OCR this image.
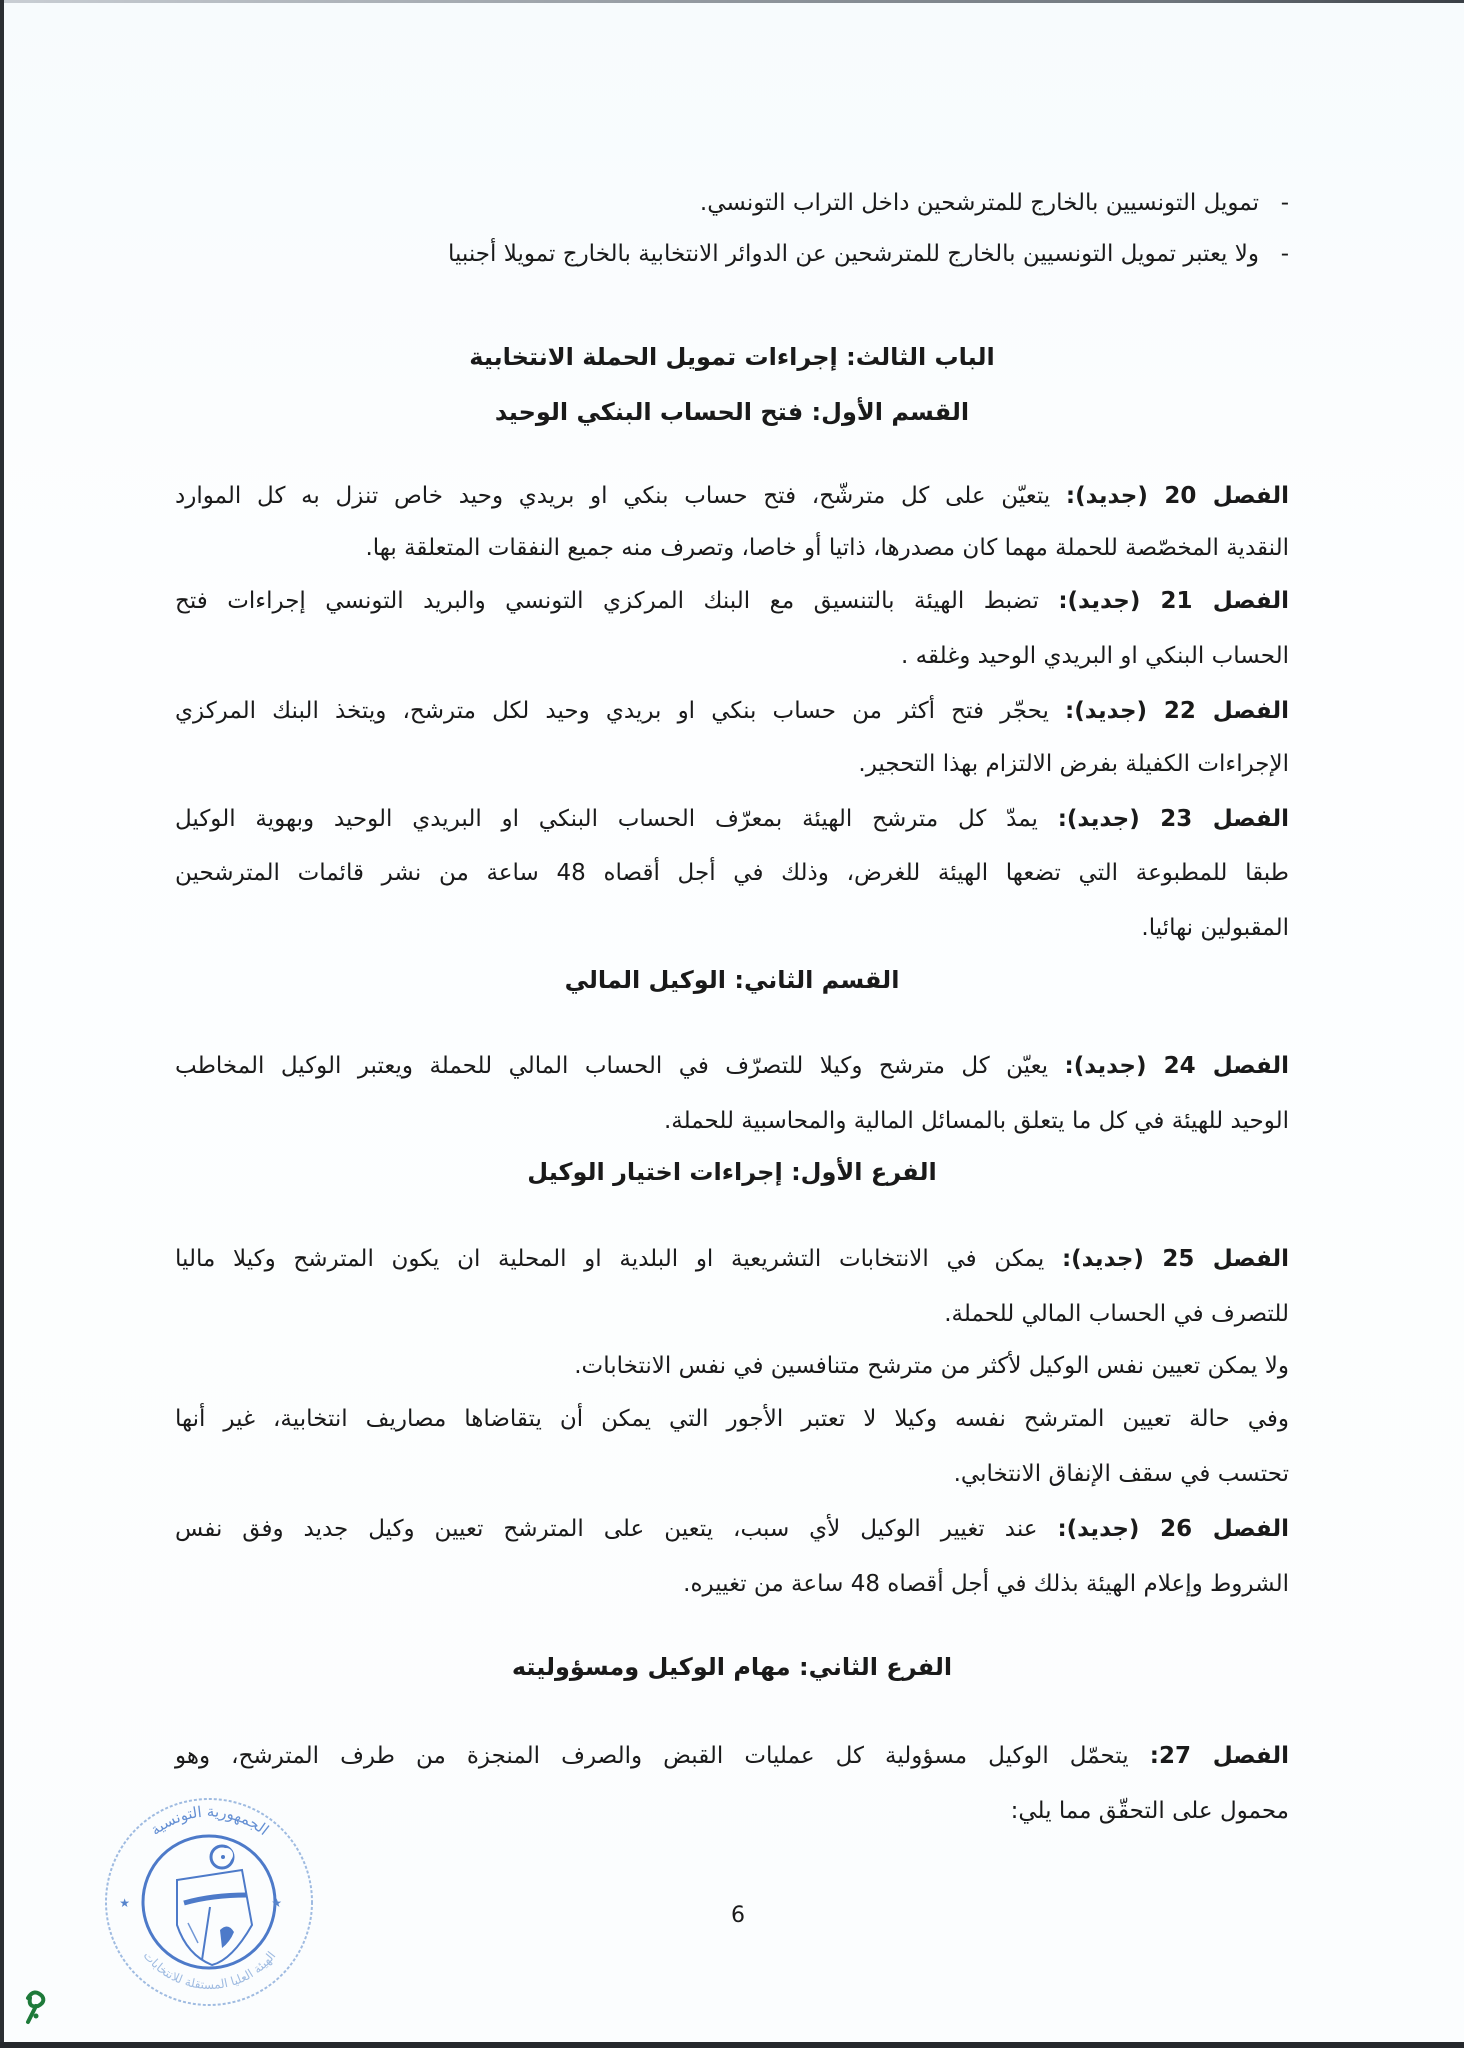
-
تمويل التونسيين بالخارج للمترشحين داخل التراب التونسي.
-
ولا يعتبر تمويل التونسيين بالخارج للمترشحين عن الدوائر الانتخابية بالخارج تمويلا أجنبيا
الباب الثالث: إجراءات تمويل الحملة الانتخابية
القسم الأول: فتح الحساب البنكي الوحيد
الفصل 20 (جديد): يتعيّن على كل مترشّح، فتح حساب بنكي او بريدي وحيد خاص تنزل به كل الموارد
النقدية المخصّصة للحملة مهما كان مصدرها، ذاتيا أو خاصا، وتصرف منه جميع النفقات المتعلقة بها.
الفصل 21 (جديد): تضبط الهيئة بالتنسيق مع البنك المركزي التونسي والبريد التونسي إجراءات فتح
الحساب البنكي او البريدي الوحيد وغلقه .
الفصل 22 (جديد): يحجّر فتح أكثر من حساب بنكي او بريدي وحيد لكل مترشح، ويتخذ البنك المركزي
الإجراءات الكفيلة بفرض الالتزام بهذا التحجير.
الفصل 23 (جديد): يمدّ كل مترشح الهيئة بمعرّف الحساب البنكي او البريدي الوحيد وبهوية الوكيل
طبقا للمطبوعة التي تضعها الهيئة للغرض، وذلك في أجل أقصاه 48 ساعة من نشر قائمات المترشحين
المقبولين نهائيا.
القسم الثاني: الوكيل المالي
الفصل 24 (جديد): يعيّن كل مترشح وكيلا للتصرّف في الحساب المالي للحملة ويعتبر الوكيل المخاطب
الوحيد للهيئة في كل ما يتعلق بالمسائل المالية والمحاسبية للحملة.
الفرع الأول: إجراءات اختيار الوكيل
الفصل 25 (جديد): يمكن في الانتخابات التشريعية او البلدية او المحلية ان يكون المترشح وكيلا ماليا
للتصرف في الحساب المالي للحملة.
ولا يمكن تعيين نفس الوكيل لأكثر من مترشح متنافسين في نفس الانتخابات.
وفي حالة تعيين المترشح نفسه وكيلا لا تعتبر الأجور التي يمكن أن يتقاضاها مصاريف انتخابية، غير أنها
تحتسب في سقف الإنفاق الانتخابي.
الفصل 26 (جديد): عند تغيير الوكيل لأي سبب، يتعين على المترشح تعيين وكيل جديد وفق نفس
الشروط وإعلام الهيئة بذلك في أجل أقصاه 48 ساعة من تغييره.
الفرع الثاني: مهام الوكيل ومسؤوليته
الفصل 27: يتحمّل الوكيل مسؤولية كل عمليات القبض والصرف المنجزة من طرف المترشح، وهو
محمول على التحقّق مما يلي:
الجمهورية التونسية
الهيئة العليا المستقلة للانتخابات
★	★	6
